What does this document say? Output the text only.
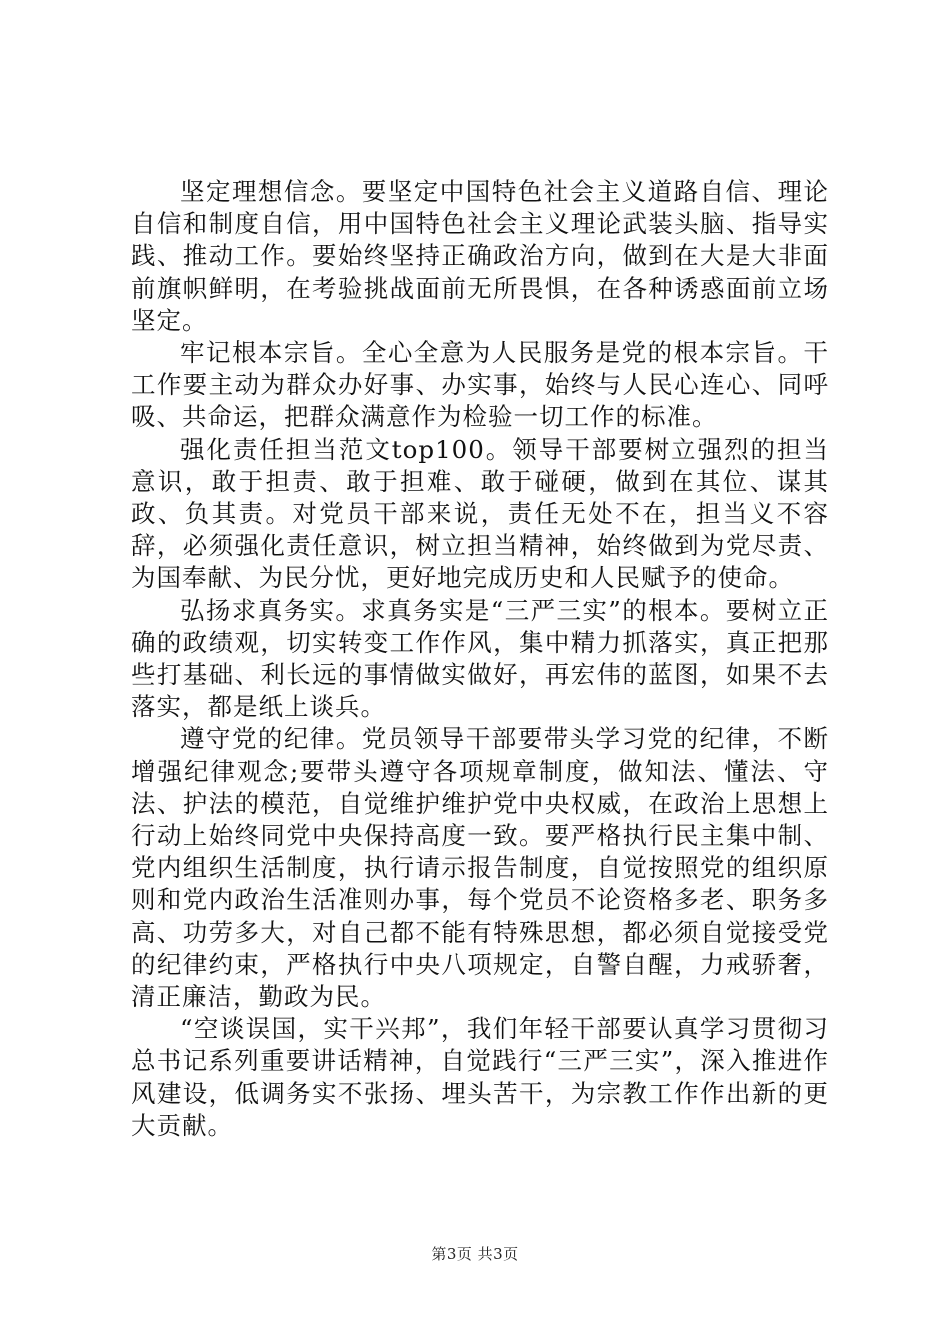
坚定理想信念。要坚定中国特色社会主义道路自信、理论自信和制度自信，用中国特色社会主义理论武装头脑、指导实践、推动工作。要始终坚持正确政治方向，做到在大是大非面前旗帜鲜明，在考验挑战面前无所畏惧，在各种诱惑面前立场坚定。

牢记根本宗旨。全心全意为人民服务是党的根本宗旨。干工作要主动为群众办好事、办实事，始终与人民心连心、同呼吸、共命运，把群众满意作为检验一切工作的标准。

强化责任担当范文top100。领导干部要树立强烈的担当意识，敢于担责、敢于担难、敢于碰硬，做到在其位、谋其政、负其责。对党员干部来说，责任无处不在，担当义不容辞，必须强化责任意识，树立担当精神，始终做到为党尽责、为国奉献、为民分忧，更好地完成历史和人民赋予的使命。

弘扬求真务实。求真务实是“三严三实”的根本。要树立正确的政绩观，切实转变工作作风，集中精力抓落实，真正把那些打基础、利长远的事情做实做好，再宏伟的蓝图，如果不去落实，都是纸上谈兵。

遵守党的纪律。党员领导干部要带头学习党的纪律，不断增强纪律观念;要带头遵守各项规章制度，做知法、懂法、守法、护法的模范，自觉维护维护党中央权威，在政治上思想上行动上始终同党中央保持高度一致。要严格执行民主集中制、党内组织生活制度，执行请示报告制度，自觉按照党的组织原则和党内政治生活准则办事，每个党员不论资格多老、职务多高、功劳多大，对自己都不能有特殊思想，都必须自觉接受党的纪律约束，严格执行中央八项规定，自警自醒，力戒骄奢，清正廉洁，勤政为民。

“空谈误国，实干兴邦”，我们年轻干部要认真学习贯彻习总书记系列重要讲话精神，自觉践行“三严三实”，深入推进作风建设，低调务实不张扬、埋头苦干，为宗教工作作出新的更大贡献。

第3页 共3页
